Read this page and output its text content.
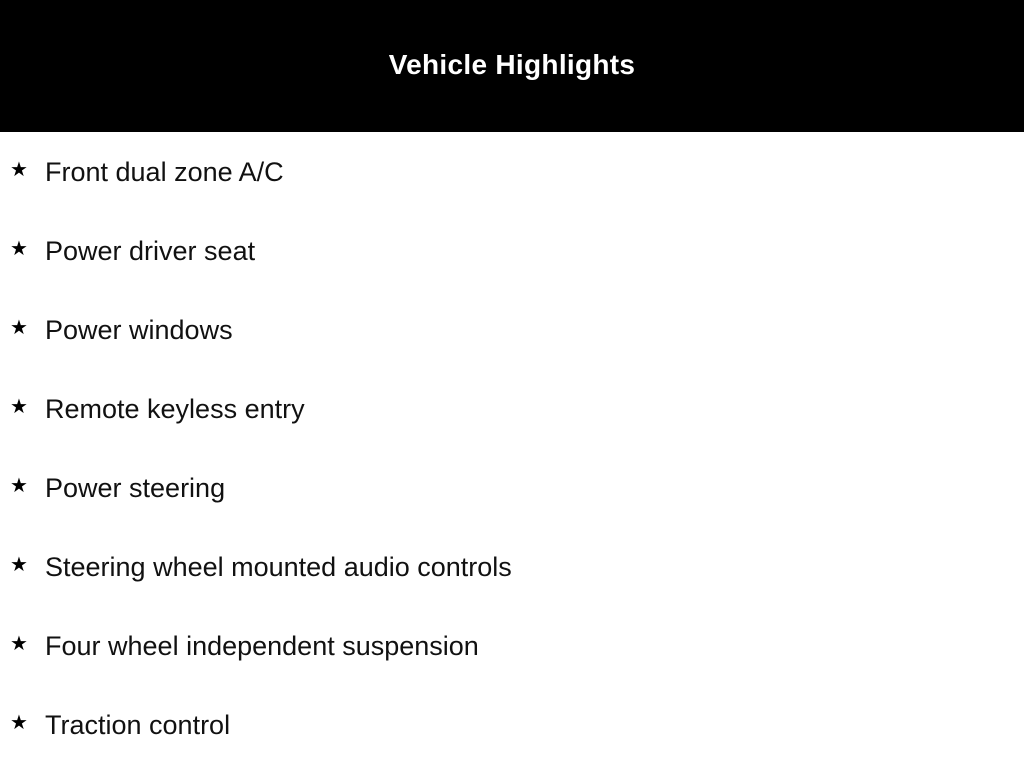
Vehicle Highlights
★ Front dual zone A/C
★ Power driver seat
★ Power windows
★ Remote keyless entry
★ Power steering
★ Steering wheel mounted audio controls
★ Four wheel independent suspension
★ Traction control
